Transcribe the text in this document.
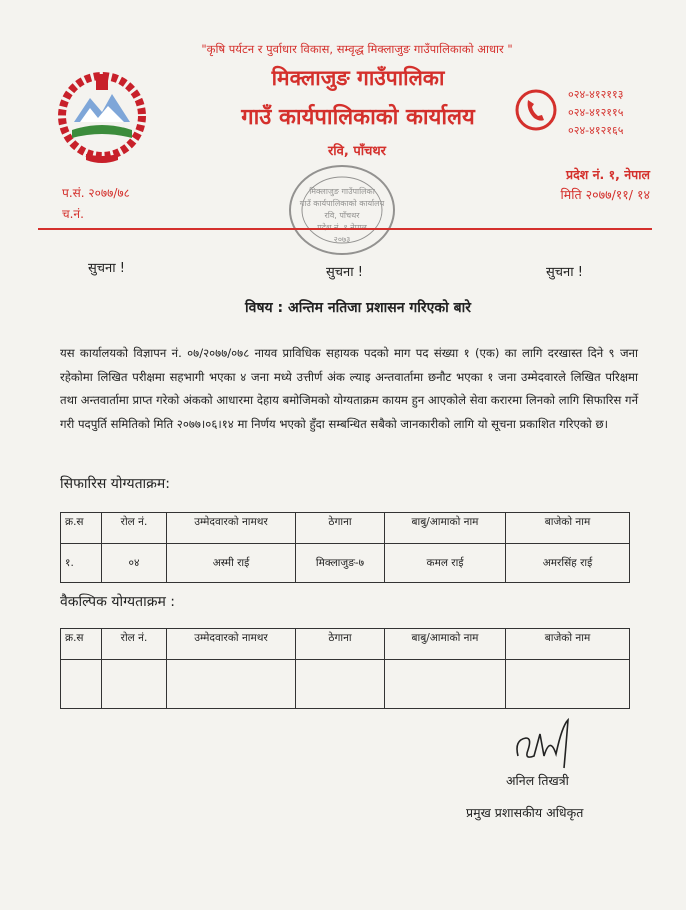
"कृषि पर्यटन र पुर्वाधार विकास, सम्वृद्ध मिक्लाजुङ गाउँपालिकाको आधार "
मिक्लाजुङ गाउँपालिका
गाउँ कार्यपालिकाको कार्यालय
रवि, पाँचथर
०२४-४१२११३
०२४-४१२११५
०२४-४१२१६५
प.सं. २०७७/७८
च.नं.
प्रदेश नं. १, नेपाल
मिति २०७७/११/ १४
मिक्लाजुङ गाउँपालिका
गाउँ कार्यपालिकाको कार्यालय
रवि, पाँचथर
२०७३
सुचना !	सुचना !	सुचना !
विषय : अन्तिम नतिजा प्रशासन गरिएको बारे
यस कार्यालयको विज्ञापन नं. ०७/२०७७/०७८ नायव प्राविधिक सहायक पदको माग पद संख्या १ (एक) का लागि दरखास्त दिने ९ जना रहेकोमा लिखित परीक्षमा सहभागी भएका ४ जना मध्ये उत्तीर्ण अंक ल्याइ अन्तवार्तामा छनौट भएका १ जना उम्मेदवारले लिखित परिक्षमा तथा अन्तवार्तामा प्राप्त गरेको अंकको आधारमा देहाय बमोजिमको योग्यताक्रम कायम हुन आएकोले सेवा करारमा लिनको लागि सिफारिस गर्ने गरी पदपुर्ति समितिको मिति २०७७।०६।१४ मा निर्णय भएको हुँदा सम्बन्धित सबैको जानकारीको लागि यो सूचना प्रकाशित गरिएको छ।
सिफारिस योग्यताक्रम:
क्र.स	रोल नं.	उम्मेदवारको नामथर	ठेगाना	बाबु/आमाको नाम	बाजेको नाम
१.	०४	अस्मी राई	मिक्लाजुङ-७	कमल राई	अमरसिंह राई
वैकल्पिक योग्यताक्रम :
क्र.स	रोल नं.	उम्मेदवारको नामथर	ठेगाना	बाबु/आमाको नाम	बाजेको नाम

अनिल तिखत्री
प्रमुख प्रशासकीय अधिकृत
